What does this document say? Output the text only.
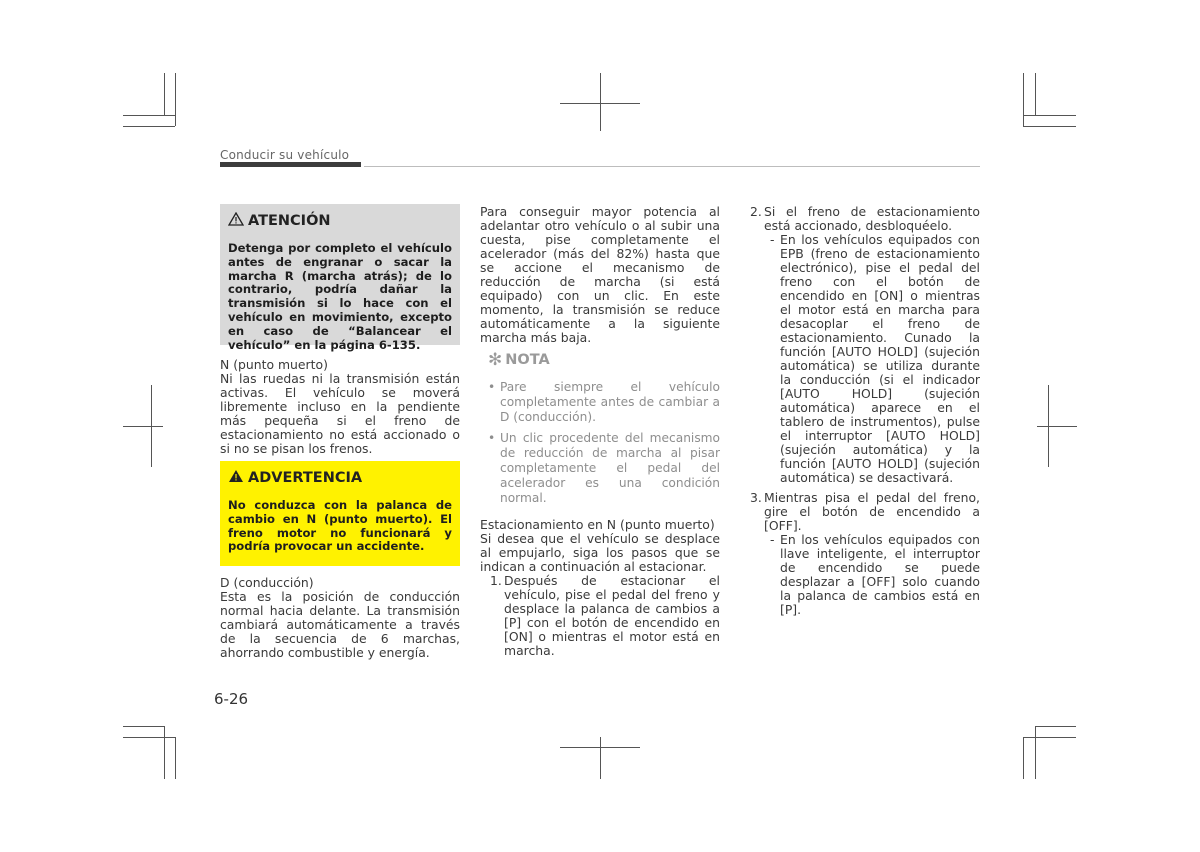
Conducir su vehículo
ATENCIÓN
Detenga por completo el vehículo antes de engranar o sacar la marcha R (marcha atrás); de lo contrario, podría dañar la transmisión si lo hace con el vehículo en movimiento, excepto en caso de “Balancear el vehículo” en la página 6-135.

N (punto muerto)

Ni las ruedas ni la transmisión están activas. El vehículo se moverá libremente incluso en la pendiente más pequeña si el freno de estacionamiento no está accionado o si no se pisan los frenos.

ADVERTENCIA
No conduzca con la palanca de cambio en N (punto muerto). El freno motor no funcionará y podría provocar un accidente.

D (conducción)

Esta es la posición de conducción normal hacia delante. La transmisión cambiará automáticamente a través de la secuencia de 6 marchas, ahorrando combustible y energía.

Para conseguir mayor potencia al adelantar otro vehículo o al subir una cuesta, pise completamente el acelerador (más del 82%) hasta que se accione el mecanismo de reducción de marcha (si está equipado) con un clic. En este momento, la transmisión se reduce automáticamente a la siguiente marcha más baja.

✻ NOTA
• Pare siempre el vehículo completamente antes de cambiar a D (conducción).
• Un clic procedente del mecanismo de reducción de marcha al pisar completamente el pedal del acelerador es una condición normal.

Estacionamiento en N (punto muerto)

Si desea que el vehículo se desplace al empujarlo, siga los pasos que se indican a continuación al estacionar.

1. Después de estacionar el vehículo, pise el pedal del freno y desplace la palanca de cambios a [P] con el botón de encendido en [ON] o mientras el motor está en marcha.
2. Si el freno de estacionamiento está accionado, desbloquéelo.
- En los vehículos equipados con EPB (freno de estacionamiento electrónico), pise el pedal del freno con el botón de encendido en [ON] o mientras el motor está en marcha para desacoplar el freno de estacionamiento. Cunado la función [AUTO HOLD] (sujeción automática) se utiliza durante la conducción (si el indicador [AUTO HOLD] (sujeción automática) aparece en el tablero de instrumentos), pulse el interruptor [AUTO HOLD] (sujeción automática) y la función [AUTO HOLD] (sujeción automática) se desactivará.
3. Mientras pisa el pedal del freno, gire el botón de encendido a [OFF].
- En los vehículos equipados con llave inteligente, el interruptor de encendido se puede desplazar a [OFF] solo cuando la palanca de cambios está en [P].
6-26
